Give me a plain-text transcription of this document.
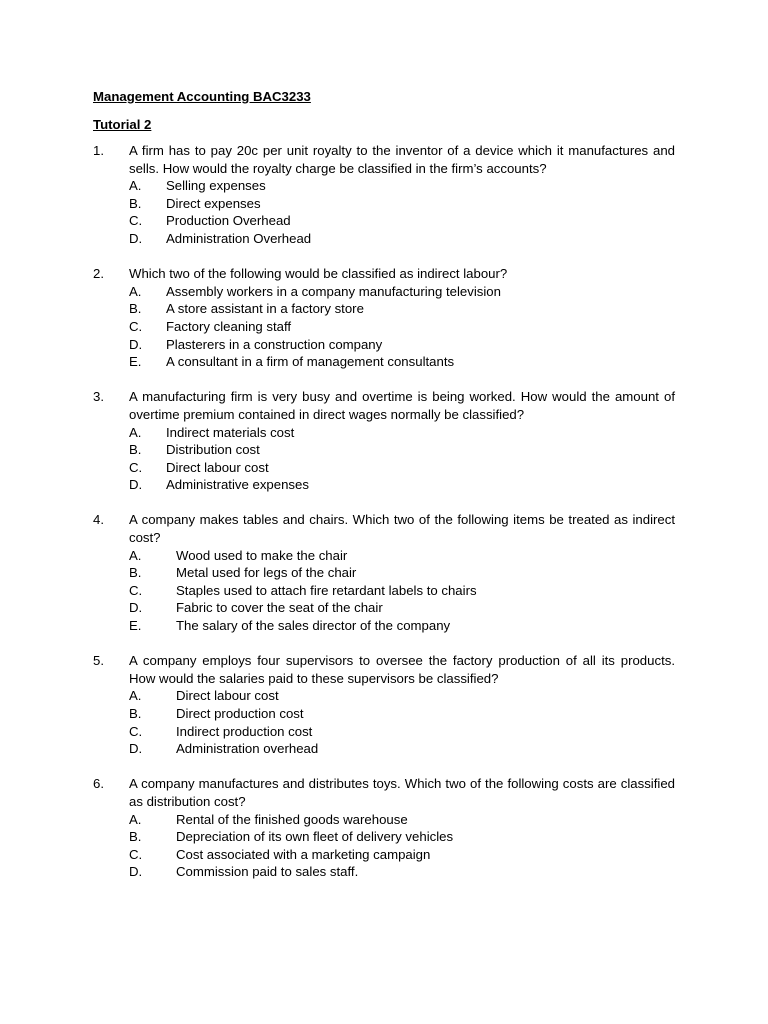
Management Accounting BAC3233
Tutorial 2
1. A firm has to pay 20c per unit royalty to the inventor of a device which it manufactures and sells. How would the royalty charge be classified in the firm’s accounts?
A. Selling expenses
B. Direct expenses
C. Production Overhead
D. Administration Overhead
2. Which two of the following would be classified as indirect labour?
A. Assembly workers in a company manufacturing television
B. A store assistant in a factory store
C. Factory cleaning staff
D. Plasterers in a construction company
E. A consultant in a firm of management consultants
3. A manufacturing firm is very busy and overtime is being worked. How would the amount of overtime premium contained in direct wages normally be classified?
A. Indirect materials cost
B. Distribution cost
C. Direct labour cost
D. Administrative expenses
4. A company makes tables and chairs. Which two of the following items be treated as indirect cost?
A.	Wood used to make the chair
B.	Metal used for legs of the chair
C.	Staples used to attach fire retardant labels to chairs
D.	Fabric to cover the seat of the chair
E.	The salary of the sales director of the company
5. A company employs four supervisors to oversee the factory production of all its products. How would the salaries paid to these supervisors be classified?
A.	Direct labour cost
B.	Direct production cost
C.	Indirect production cost
D.	Administration overhead
6. A company manufactures and distributes toys. Which two of the following costs are classified as distribution cost?
A.	Rental of the finished goods warehouse
B.	Depreciation of its own fleet of delivery vehicles
C.	Cost associated with a marketing campaign
D.	Commission paid to sales staff.
